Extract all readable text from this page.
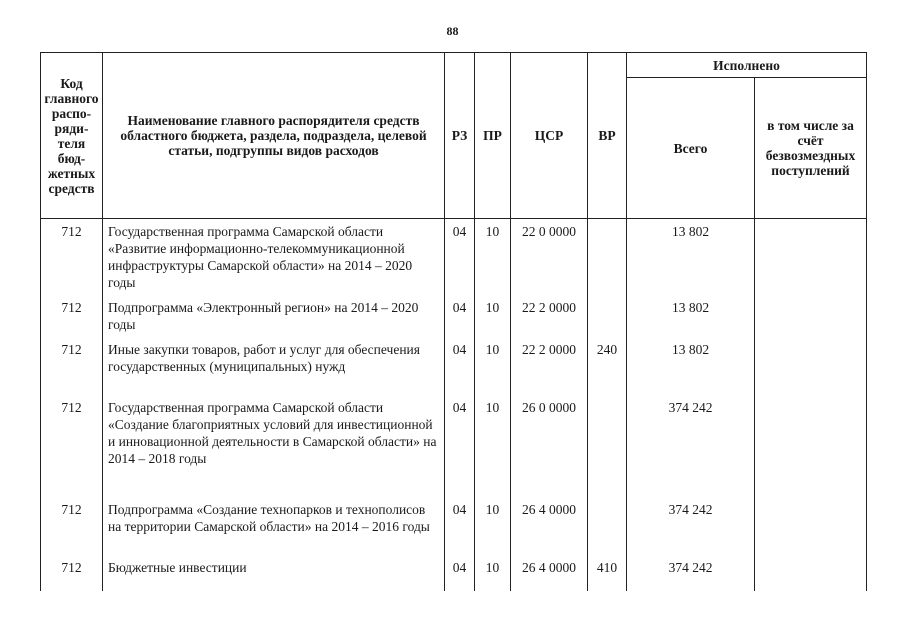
88
Код главного распо-ряди-теля бюд-жетных средств	Наименование главного распорядителя средств областного бюджета, раздела, подраздела, целевой статьи, подгруппы видов расходов	РЗ	ПР	ЦСР	ВР	Исполнено	
						Всего	в том числе за счёт безвозмездных поступлений
712	Государственная программа Самарской области «Развитие информационно-телекоммуникационной инфраструктуры Самарской области» на 2014 – 2020 годы	04	10	22 0 0000		13 802	
712	Подпрограмма «Электронный регион» на 2014 – 2020 годы	04	10	22 2 0000		13 802	
712	Иные закупки товаров, работ и услуг для обеспечения государственных (муниципальных) нужд	04	10	22 2 0000	240	13 802	
712	Государственная программа Самарской области «Создание благоприятных условий для инвестиционной и инновационной деятельности в Самарской области» на 2014 – 2018 годы	04	10	26 0 0000		374 242	
712	Подпрограмма «Создание технопарков и технополисов на территории Самарской области» на 2014 – 2016 годы	04	10	26 4 0000		374 242	
712	Бюджетные инвестиции	04	10	26 4 0000	410	374 242	
